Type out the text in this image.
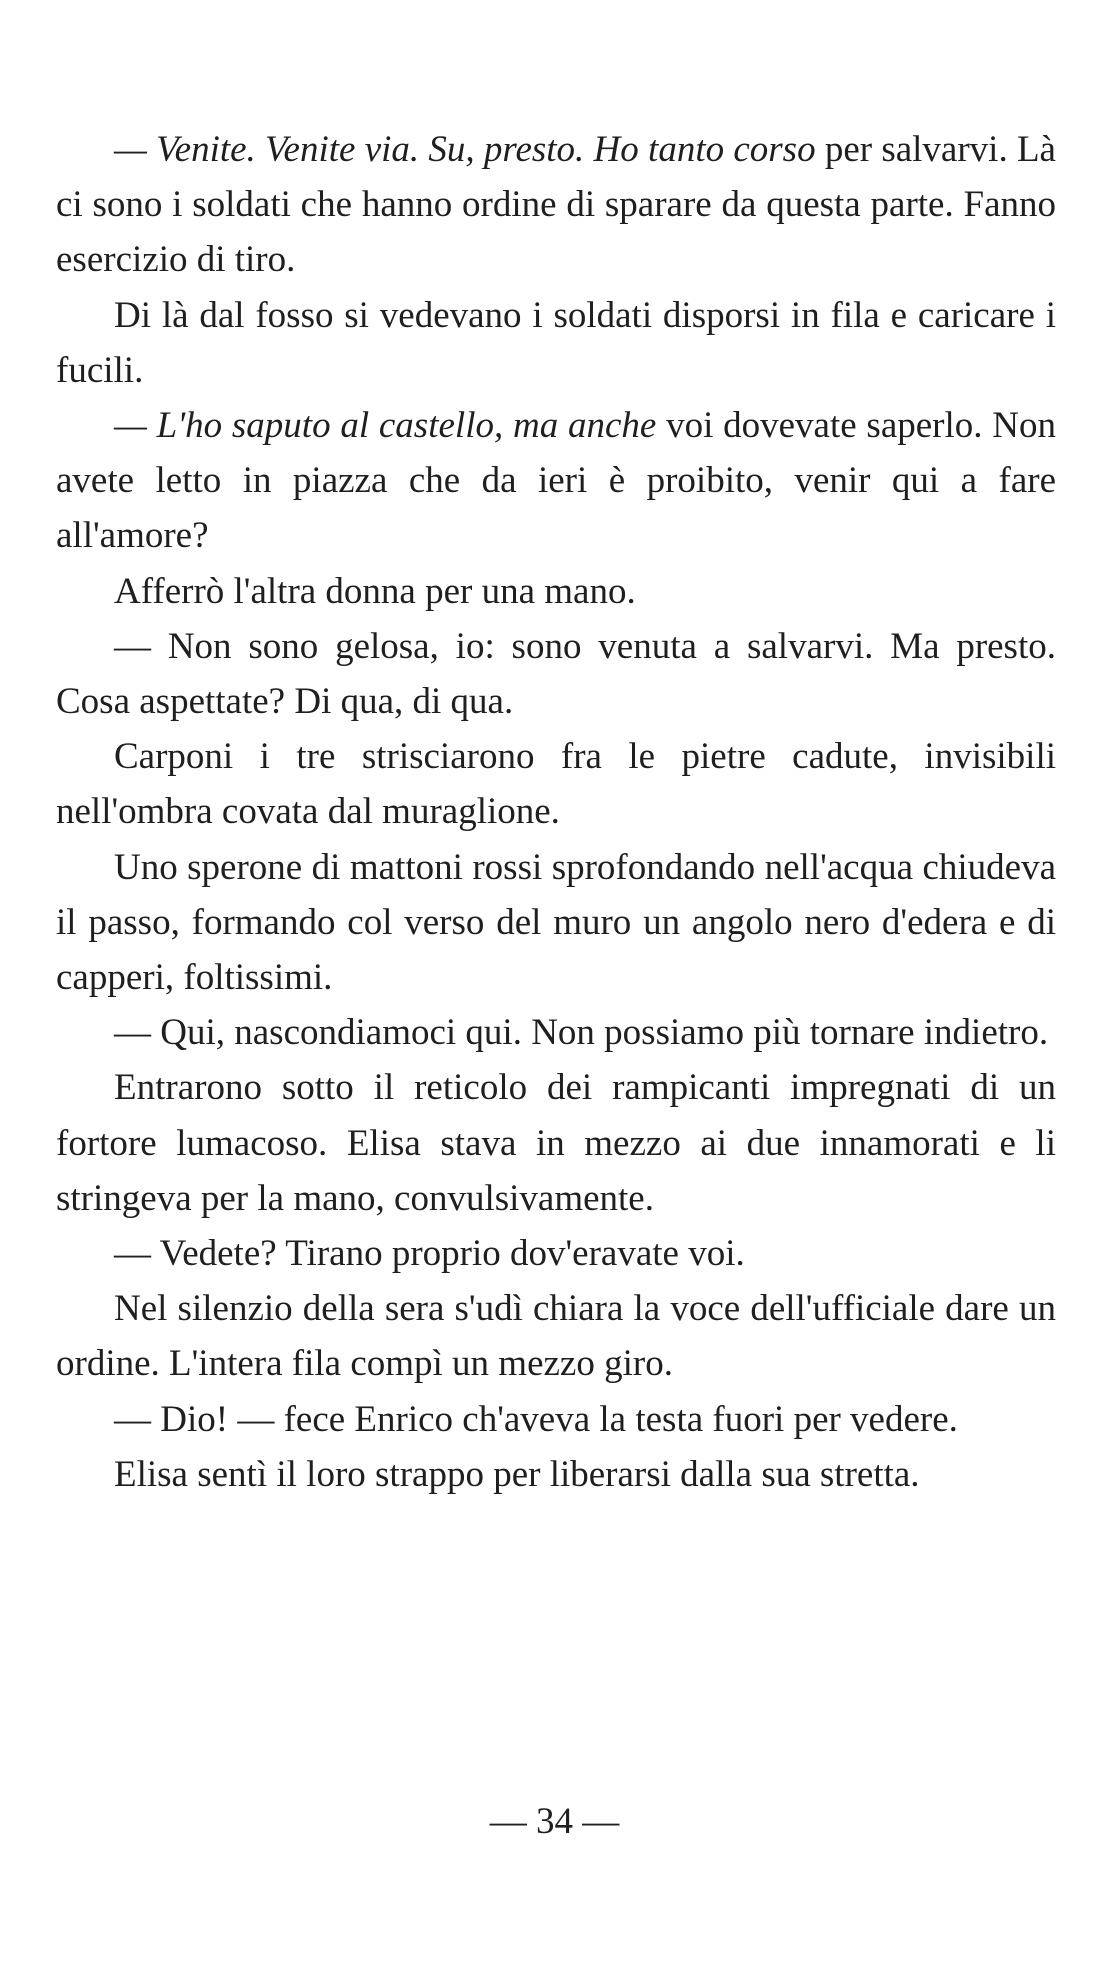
— Venite. Venite via. Su, presto. Ho tanto corso per salvarvi. Là ci sono i soldati che hanno ordine di sparare da questa parte. Fanno esercizio di tiro.

Di là dal fosso si vedevano i soldati disporsi in fila e caricare i fucili.

— L'ho saputo al castello, ma anche voi dovevate saperlo. Non avete letto in piazza che da ieri è proibito, venir qui a fare all'amore?

Afferrò l'altra donna per una mano.

— Non sono gelosa, io: sono venuta a salvarvi. Ma presto. Cosa aspettate? Di qua, di qua.

Carponi i tre strisciarono fra le pietre cadute, invisibili nell'ombra covata dal muraglione.

Uno sperone di mattoni rossi sprofondando nell'acqua chiudeva il passo, formando col verso del muro un angolo nero d'edera e di capperi, foltissimi.

— Qui, nascondiamoci qui. Non possiamo più tornare indietro.

Entrarono sotto il reticolo dei rampicanti impregnati di un fortore lumacoso. Elisa stava in mezzo ai due innamorati e li stringeva per la mano, convulsivamente.

— Vedete? Tirano proprio dov'eravate voi.

Nel silenzio della sera s'udì chiara la voce dell'ufficiale dare un ordine. L'intera fila compì un mezzo giro.

— Dio! — fece Enrico ch'aveva la testa fuori per vedere.

Elisa sentì il loro strappo per liberarsi dalla sua stretta.

— 34 —
